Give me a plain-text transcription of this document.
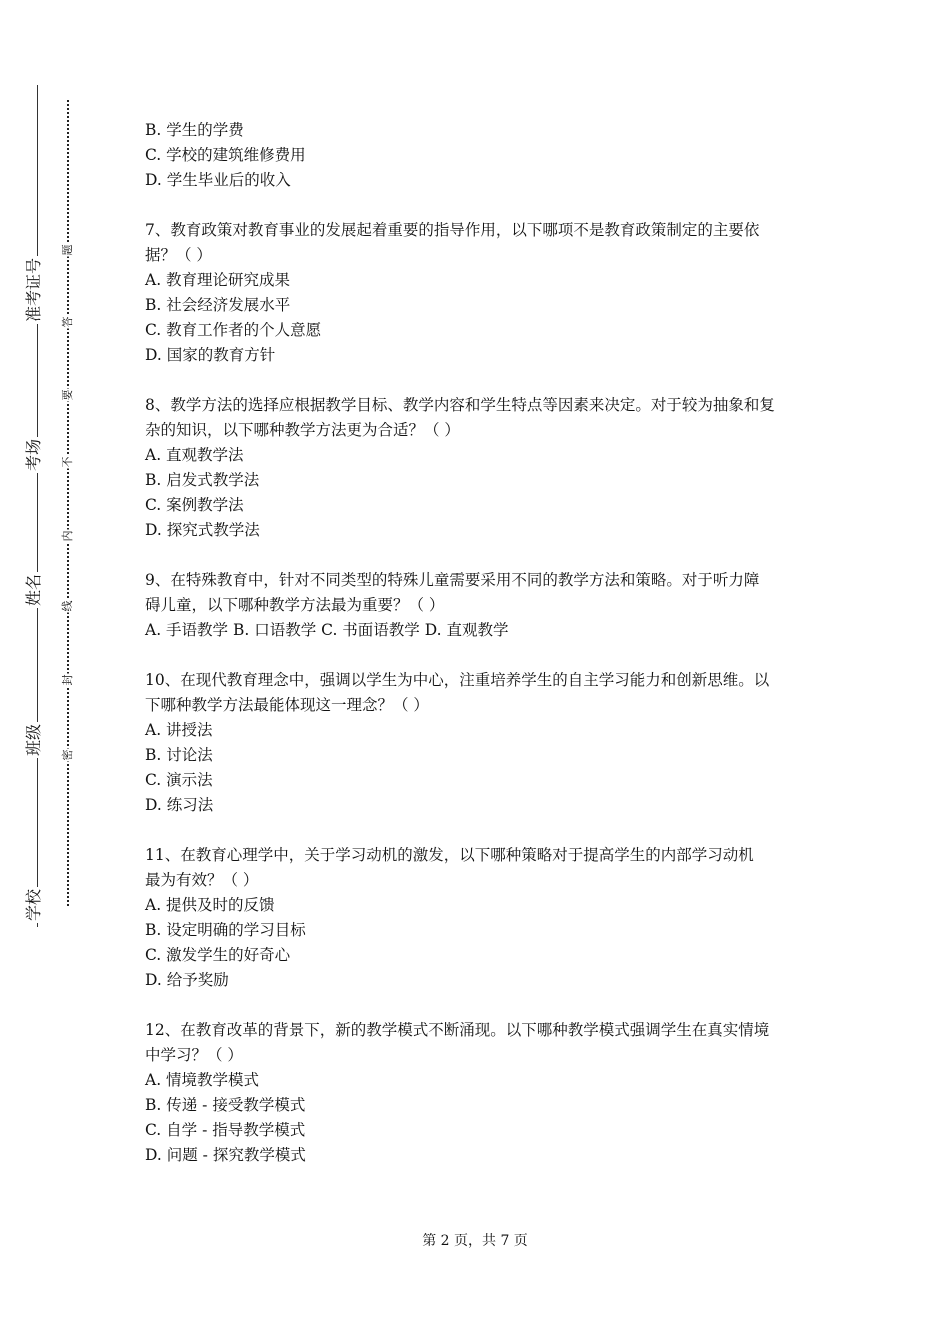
准考证号
考场
姓名
班级
学校
题
答
要
不
内
线
封
密
B. 学生的学费
C. 学校的建筑维修费用
D. 学生毕业后的收入
7、教育政策对教育事业的发展起着重要的指导作用，以下哪项不是教育政策制定的主要依
据？（ ）
A. 教育理论研究成果
B. 社会经济发展水平
C. 教育工作者的个人意愿
D. 国家的教育方针
8、教学方法的选择应根据教学目标、教学内容和学生特点等因素来决定。对于较为抽象和复
杂的知识，以下哪种教学方法更为合适？（ ）
A. 直观教学法
B. 启发式教学法
C. 案例教学法
D. 探究式教学法
9、在特殊教育中，针对不同类型的特殊儿童需要采用不同的教学方法和策略。对于听力障
碍儿童，以下哪种教学方法最为重要？（ ）
A. 手语教学 B. 口语教学 C. 书面语教学 D. 直观教学
10、在现代教育理念中，强调以学生为中心，注重培养学生的自主学习能力和创新思维。以
下哪种教学方法最能体现这一理念？（ ）
A. 讲授法
B. 讨论法
C. 演示法
D. 练习法
11、在教育心理学中，关于学习动机的激发，以下哪种策略对于提高学生的内部学习动机
最为有效？（ ）
A. 提供及时的反馈
B. 设定明确的学习目标
C. 激发学生的好奇心
D. 给予奖励
12、在教育改革的背景下，新的教学模式不断涌现。以下哪种教学模式强调学生在真实情境
中学习？（ ）
A. 情境教学模式
B. 传递 - 接受教学模式
C. 自学 - 指导教学模式
D. 问题 - 探究教学模式
第 2 页，共 7 页
